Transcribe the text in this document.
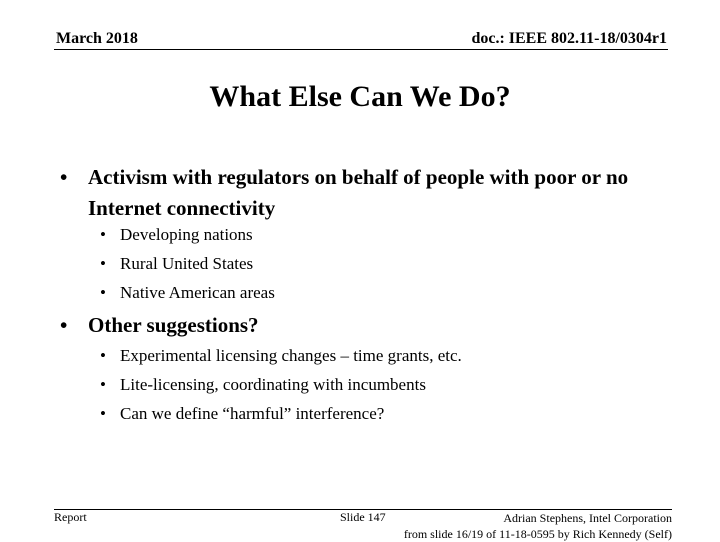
March 2018	doc.: IEEE 802.11-18/0304r1
What Else Can We Do?
• Activism with regulators on behalf of people with poor or no Internet connectivity
• Developing nations
• Rural United States
• Native American areas
• Other suggestions?
• Experimental licensing changes – time grants, etc.
• Lite-licensing, coordinating with incumbents
• Can we define “harmful” interference?
Report	Slide 147	Adrian Stephens, Intel Corporation
from slide 16/19 of 11-18-0595 by Rich Kennedy (Self)
